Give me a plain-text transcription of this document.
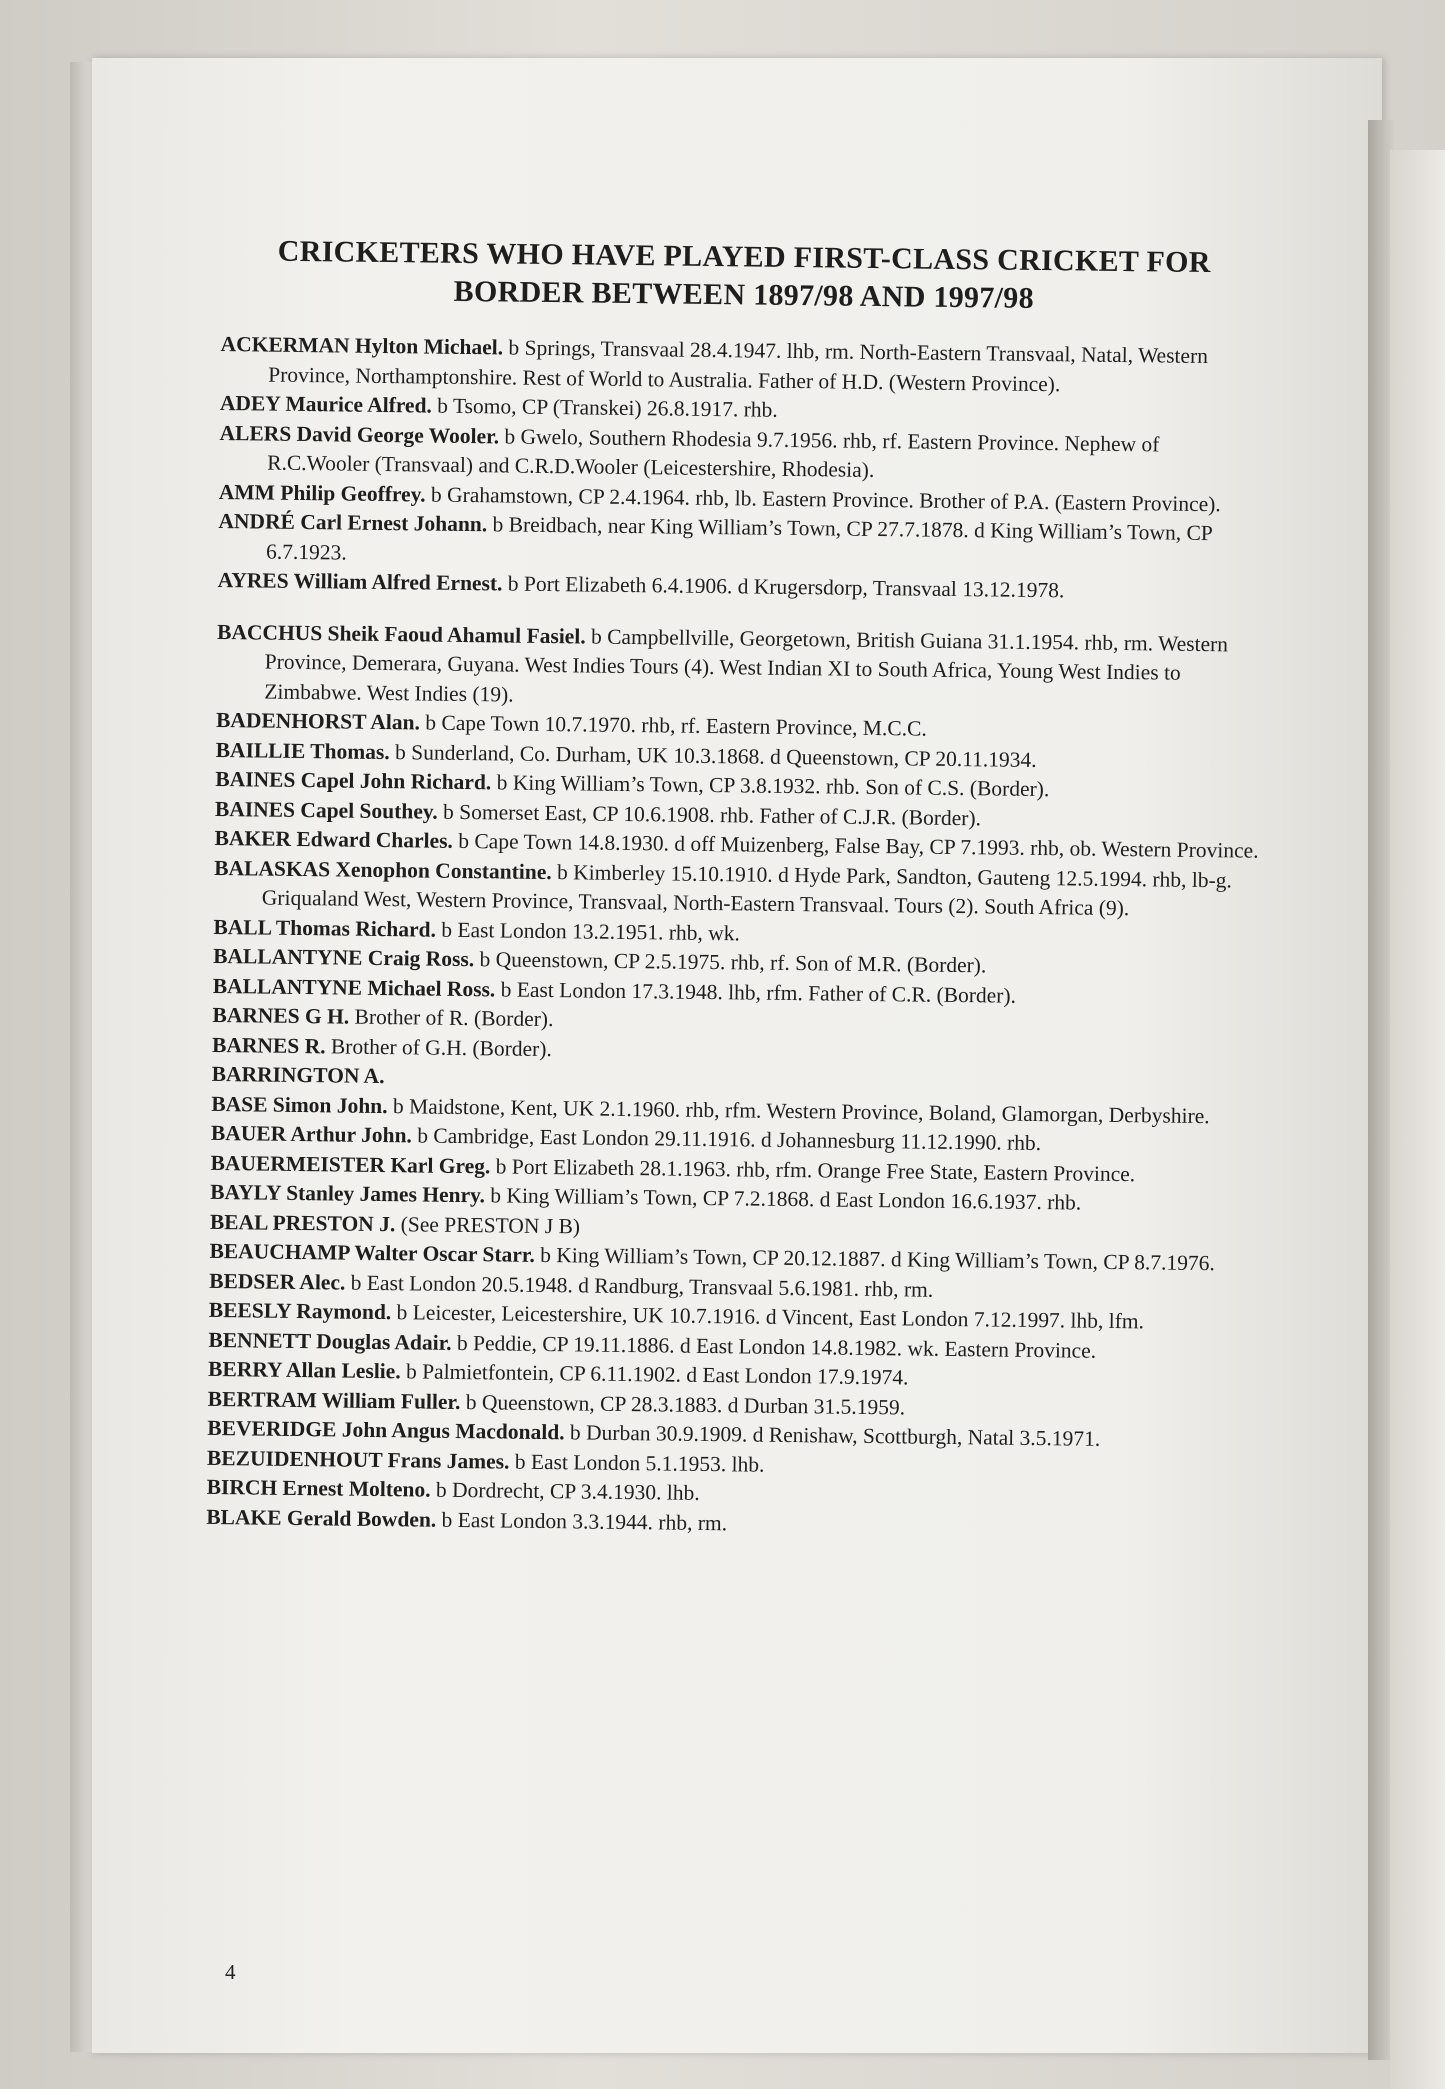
CRICKETERS WHO HAVE PLAYED FIRST-CLASS CRICKET FOR
BORDER BETWEEN 1897/98 AND 1997/98

ACKERMAN Hylton Michael. b Springs, Transvaal 28.4.1947. lhb, rm. North-Eastern Transvaal, Natal, Western Province, Northamptonshire. Rest of World to Australia. Father of H.D. (Western Province).

ADEY Maurice Alfred. b Tsomo, CP (Transkei) 26.8.1917. rhb.

ALERS David George Wooler. b Gwelo, Southern Rhodesia 9.7.1956. rhb, rf. Eastern Province. Nephew of R.C.Wooler (Transvaal) and C.R.D.Wooler (Leicestershire, Rhodesia).

AMM Philip Geoffrey. b Grahamstown, CP 2.4.1964. rhb, lb. Eastern Province. Brother of P.A. (Eastern Province).

ANDRÉ Carl Ernest Johann. b Breidbach, near King William’s Town, CP 27.7.1878. d King William’s Town, CP 6.7.1923.

AYRES William Alfred Ernest. b Port Elizabeth 6.4.1906. d Krugersdorp, Transvaal 13.12.1978.

BACCHUS Sheik Faoud Ahamul Fasiel. b Campbellville, Georgetown, British Guiana 31.1.1954. rhb, rm. Western Province, Demerara, Guyana. West Indies Tours (4). West Indian XI to South Africa, Young West Indies to Zimbabwe. West Indies (19).

BADENHORST Alan. b Cape Town 10.7.1970. rhb, rf. Eastern Province, M.C.C.

BAILLIE Thomas. b Sunderland, Co. Durham, UK 10.3.1868. d Queenstown, CP 20.11.1934.

BAINES Capel John Richard. b King William’s Town, CP 3.8.1932. rhb. Son of C.S. (Border).

BAINES Capel Southey. b Somerset East, CP 10.6.1908. rhb. Father of C.J.R. (Border).

BAKER Edward Charles. b Cape Town 14.8.1930. d off Muizenberg, False Bay, CP 7.1993. rhb, ob. Western Province.

BALASKAS Xenophon Constantine. b Kimberley 15.10.1910. d Hyde Park, Sandton, Gauteng 12.5.1994. rhb, lb-g. Griqualand West, Western Province, Transvaal, North-Eastern Transvaal. Tours (2). South Africa (9).

BALL Thomas Richard. b East London 13.2.1951. rhb, wk.

BALLANTYNE Craig Ross. b Queenstown, CP 2.5.1975. rhb, rf. Son of M.R. (Border).

BALLANTYNE Michael Ross. b East London 17.3.1948. lhb, rfm. Father of C.R. (Border).

BARNES G H. Brother of R. (Border).

BARNES R. Brother of G.H. (Border).

BARRINGTON A.

BASE Simon John. b Maidstone, Kent, UK 2.1.1960. rhb, rfm. Western Province, Boland, Glamorgan, Derbyshire.

BAUER Arthur John. b Cambridge, East London 29.11.1916. d Johannesburg 11.12.1990. rhb.

BAUERMEISTER Karl Greg. b Port Elizabeth 28.1.1963. rhb, rfm. Orange Free State, Eastern Province.

BAYLY Stanley James Henry. b King William’s Town, CP 7.2.1868. d East London 16.6.1937. rhb.

BEAL PRESTON J. (See PRESTON J B)

BEAUCHAMP Walter Oscar Starr. b King William’s Town, CP 20.12.1887. d King William’s Town, CP 8.7.1976.

BEDSER Alec. b East London 20.5.1948. d Randburg, Transvaal 5.6.1981. rhb, rm.

BEESLY Raymond. b Leicester, Leicestershire, UK 10.7.1916. d Vincent, East London 7.12.1997. lhb, lfm.

BENNETT Douglas Adair. b Peddie, CP 19.11.1886. d East London 14.8.1982. wk. Eastern Province.

BERRY Allan Leslie. b Palmietfontein, CP 6.11.1902. d East London 17.9.1974.

BERTRAM William Fuller. b Queenstown, CP 28.3.1883. d Durban 31.5.1959.

BEVERIDGE John Angus Macdonald. b Durban 30.9.1909. d Renishaw, Scottburgh, Natal 3.5.1971.

BEZUIDENHOUT Frans James. b East London 5.1.1953. lhb.

BIRCH Ernest Molteno. b Dordrecht, CP 3.4.1930. lhb.

BLAKE Gerald Bowden. b East London 3.3.1944. rhb, rm.

4
